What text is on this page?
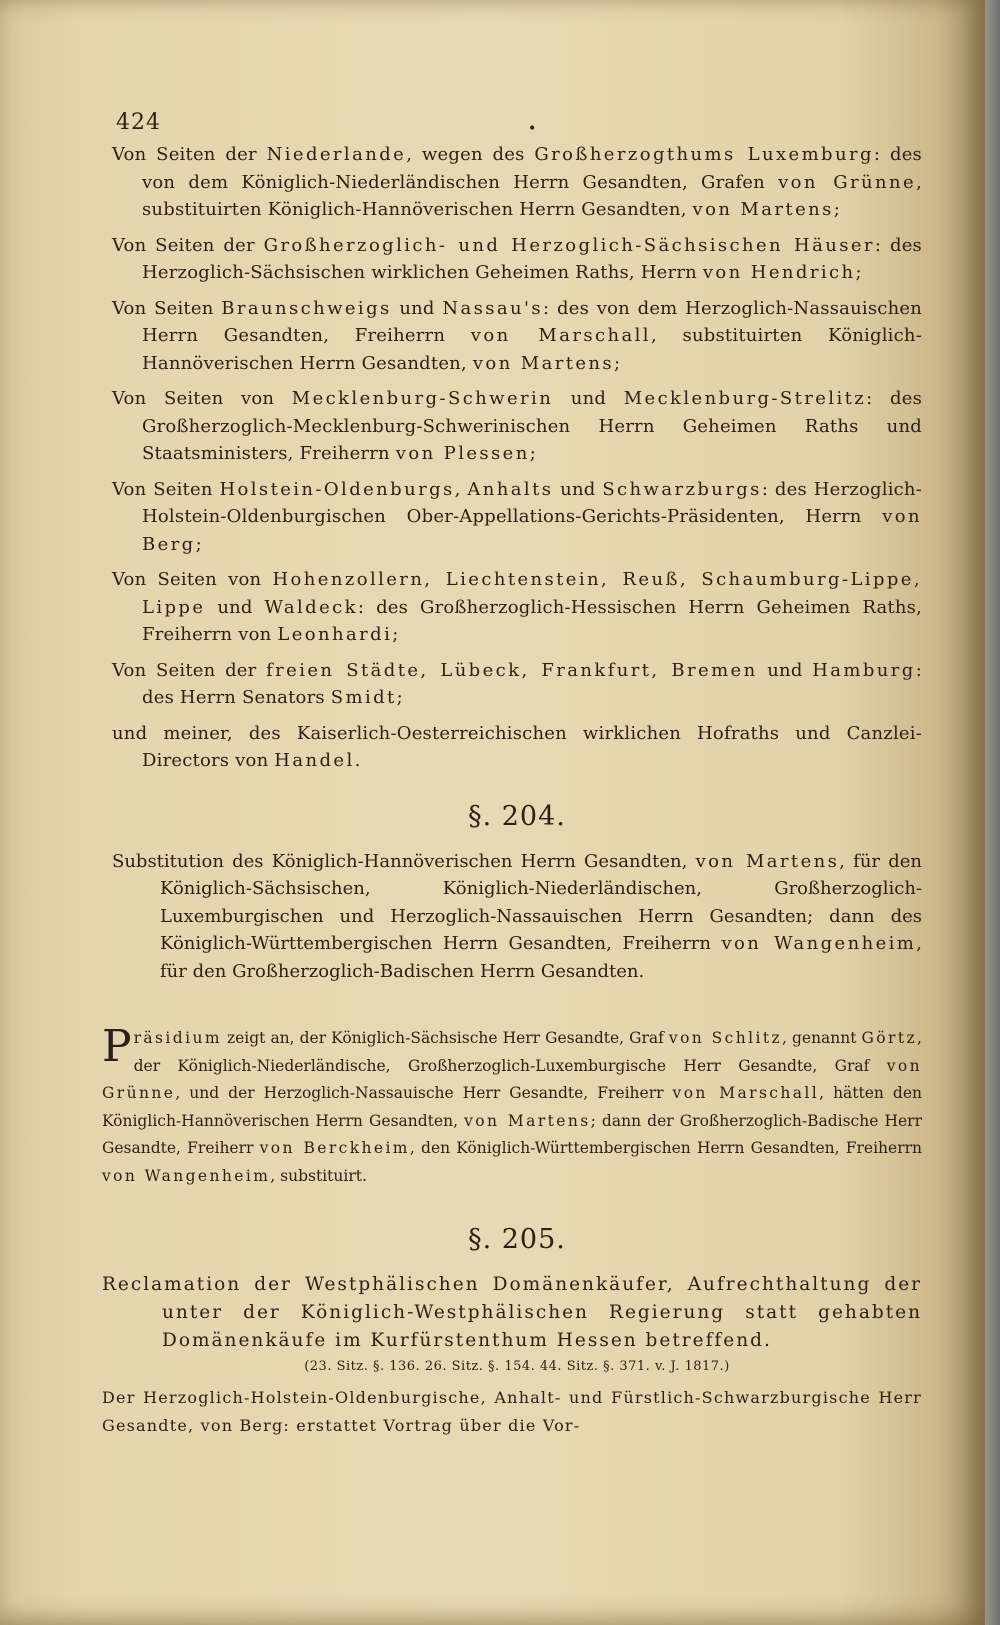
•
424
Von Seiten der Niederlande, wegen des Großherzogthums Luxemburg: des von dem Königlich-Niederländischen Herrn Gesandten, Grafen von Grünne, substituirten Königlich-Hannöverischen Herrn Gesandten, von Martens;
Von Seiten der Großherzoglich- und Herzoglich-Sächsischen Häuser: des Herzoglich-Sächsischen wirklichen Geheimen Raths, Herrn von Hendrich;
Von Seiten Braunschweigs und Nassau's: des von dem Herzoglich-Nassauischen Herrn Gesandten, Freiherrn von Marschall, substituirten Königlich-Hannöverischen Herrn Gesandten, von Martens;
Von Seiten von Mecklenburg-Schwerin und Mecklenburg-Strelitz: des Großherzoglich-Mecklenburg-Schwerinischen Herrn Geheimen Raths und Staatsministers, Freiherrn von Plessen;
Von Seiten Holstein-Oldenburgs, Anhalts und Schwarzburgs: des Herzoglich-Holstein-Oldenburgischen Ober-Appellations-Gerichts-Präsidenten, Herrn von Berg;
Von Seiten von Hohenzollern, Liechtenstein, Reuß, Schaumburg-Lippe, Lippe und Waldeck: des Großherzoglich-Hessischen Herrn Geheimen Raths, Freiherrn von Leonhardi;
Von Seiten der freien Städte, Lübeck, Frankfurt, Bremen und Hamburg: des Herrn Senators Smidt;
und meiner, des Kaiserlich-Oesterreichischen wirklichen Hofraths und Canzlei-Directors von Handel.
§. 204.
Substitution des Königlich-Hannöverischen Herrn Gesandten, von Martens, für den Königlich-Sächsischen, Königlich-Niederländischen, Großherzoglich-Luxemburgischen und Herzoglich-Nassauischen Herrn Gesandten; dann des Königlich-Württembergischen Herrn Gesandten, Freiherrn von Wangenheim, für den Großherzoglich-Badischen Herrn Gesandten.
Präsidium zeigt an, der Königlich-Sächsische Herr Gesandte, Graf von Schlitz, genannt Görtz, der Königlich-Niederländische, Großherzoglich-Luxemburgische Herr Gesandte, Graf von Grünne, und der Herzoglich-Nassauische Herr Gesandte, Freiherr von Marschall, hätten den Königlich-Hannöverischen Herrn Gesandten, von Martens; dann der Großherzoglich-Badische Herr Gesandte, Freiherr von Berckheim, den Königlich-Württembergischen Herrn Gesandten, Freiherrn von Wangenheim, substituirt.
§. 205.
Reclamation der Westphälischen Domänenkäufer, Aufrechthaltung der unter der Königlich-Westphälischen Regierung statt gehabten Domänenkäufe im Kurfürstenthum Hessen betreffend.
(23. Sitz. §. 136. 26. Sitz. §. 154. 44. Sitz. §. 371. v. J. 1817.)
Der Herzoglich-Holstein-Oldenburgische, Anhalt- und Fürstlich-Schwarzburgische Herr Gesandte, von Berg: erstattet Vortrag über die Vor-
